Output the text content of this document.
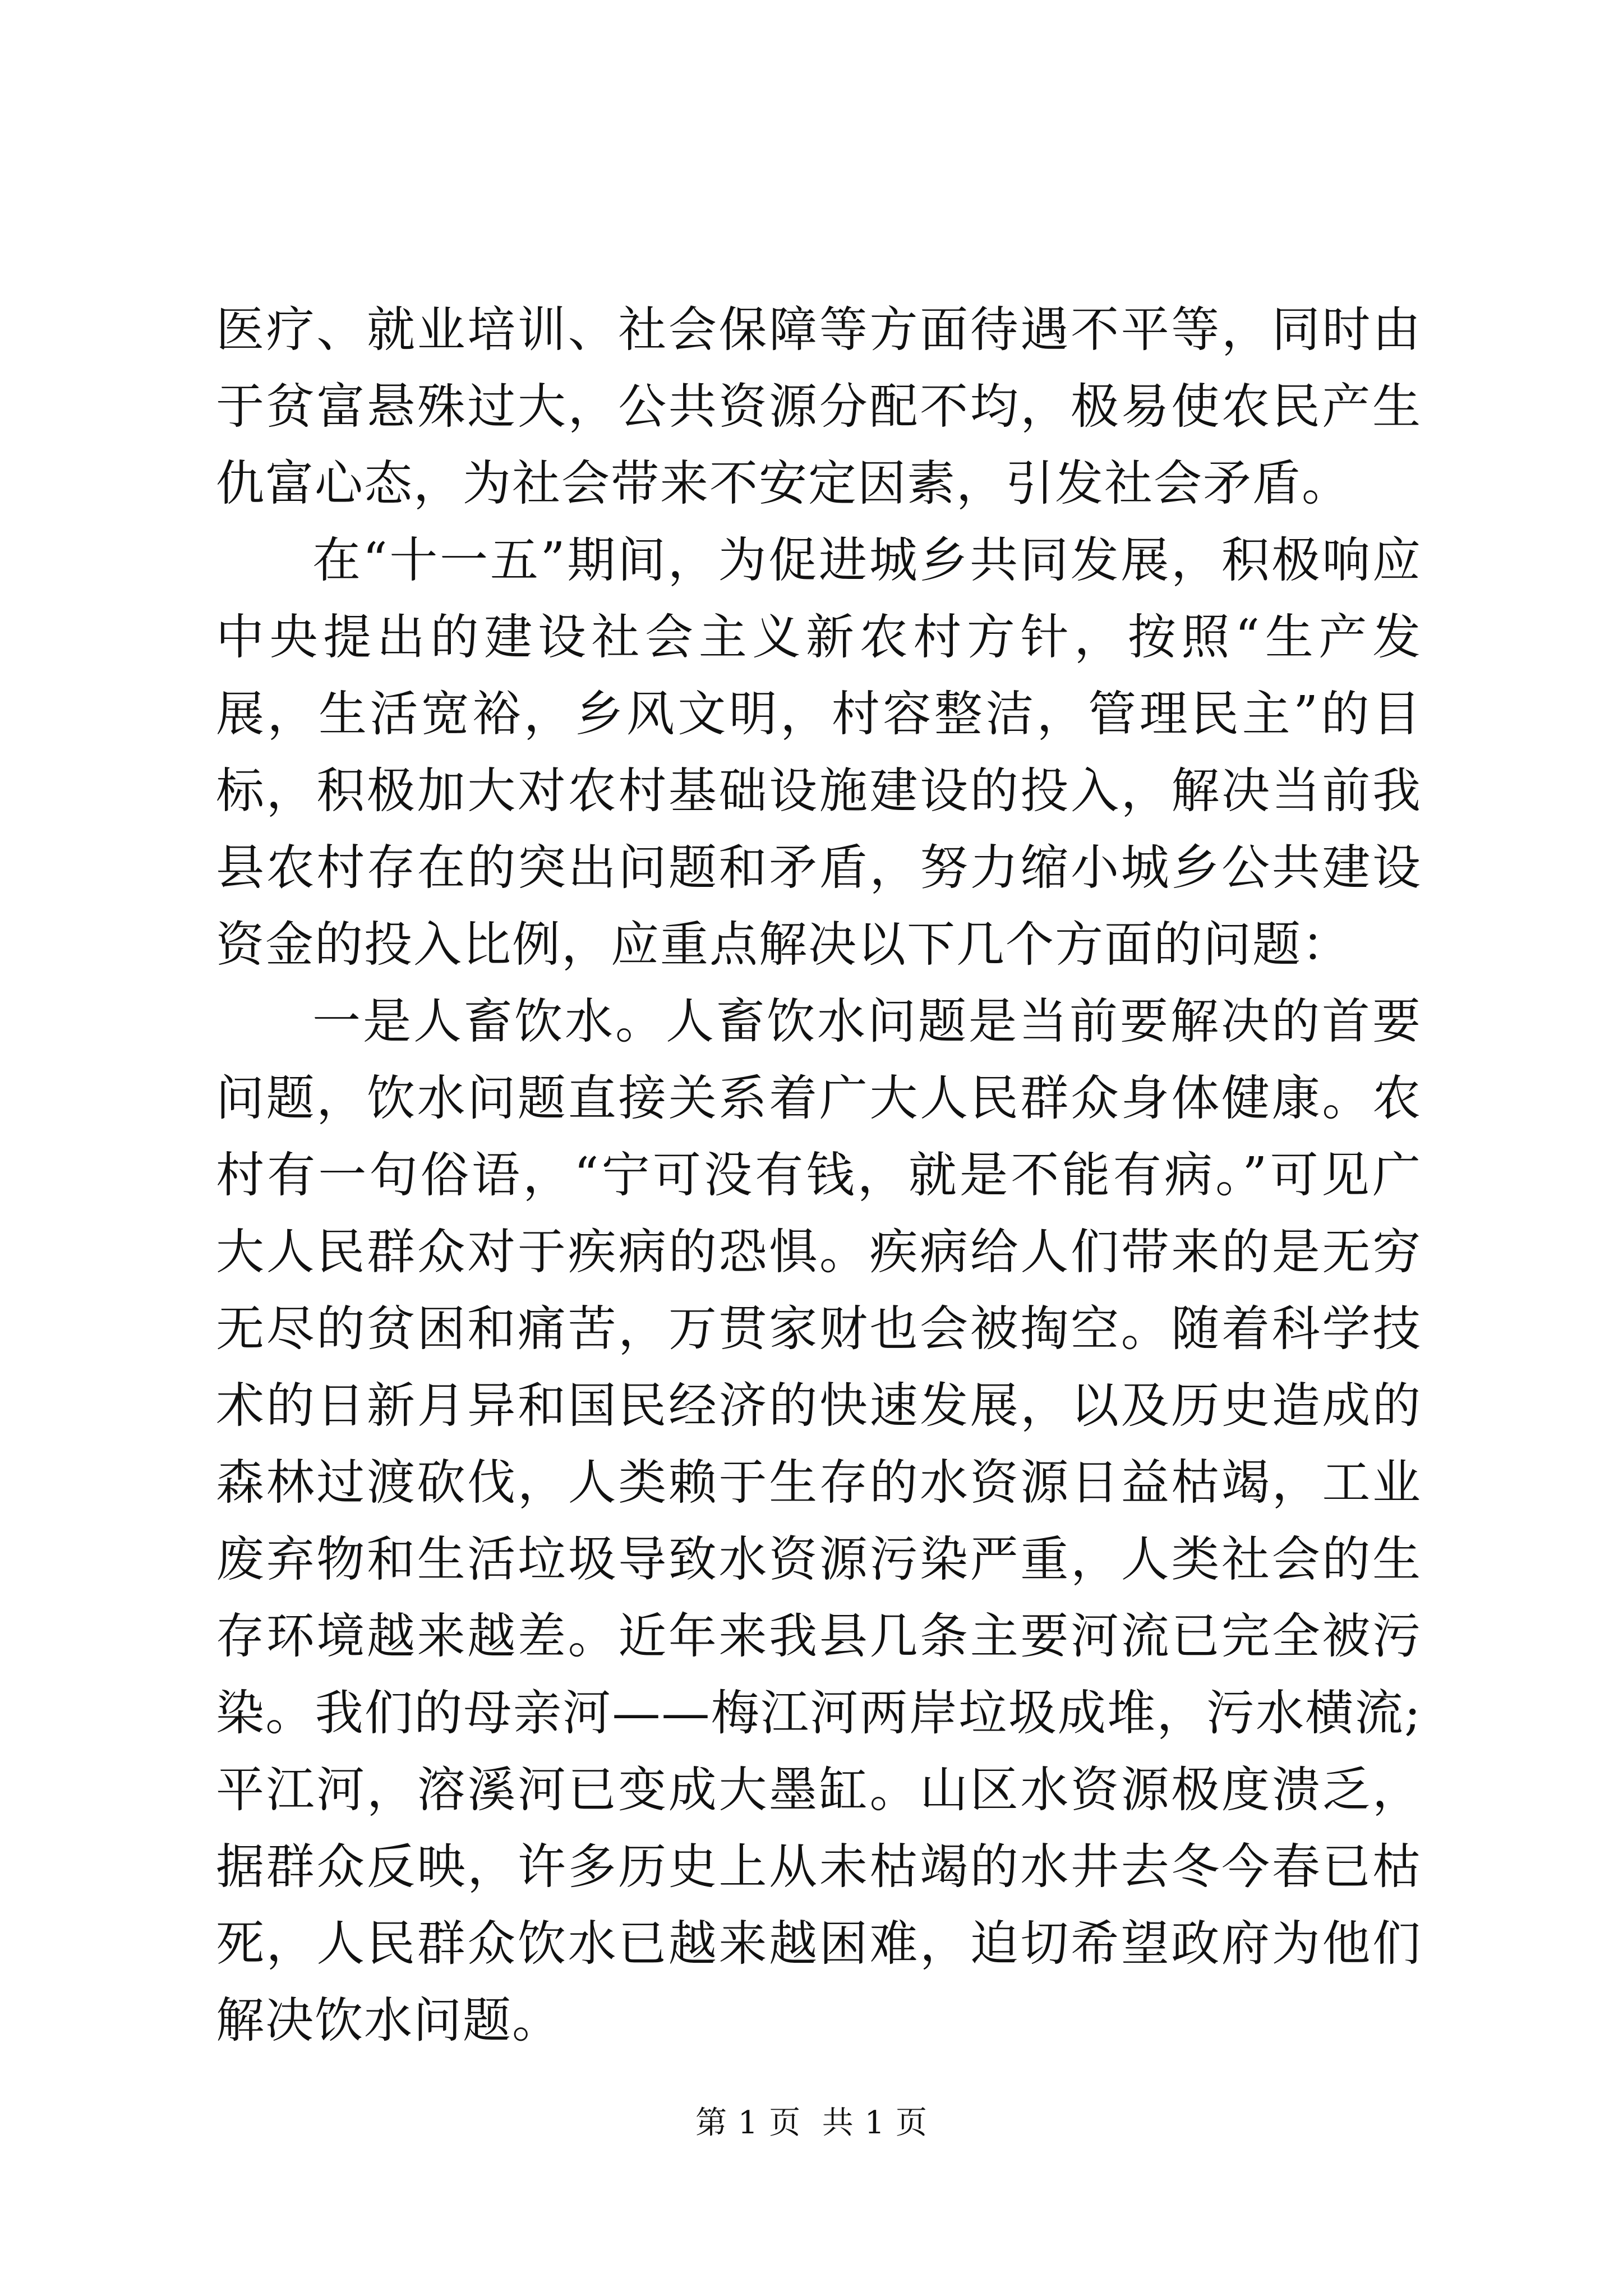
医疗、就业培训、社会保障等方面待遇不平等，同时由于贫富悬殊过大，公共资源分配不均，极易使农民产生仇富心态，为社会带来不安定因素，引发社会矛盾。

在“十一五”期间，为促进城乡共同发展，积极响应中央提出的建设社会主义新农村方针，按照“生产发展，生活宽裕，乡风文明，村容整洁，管理民主”的目标，积极加大对农村基础设施建设的投入，解决当前我县农村存在的突出问题和矛盾，努力缩小城乡公共建设资金的投入比例，应重点解决以下几个方面的问题：

一是人畜饮水。人畜饮水问题是当前要解决的首要问题，饮水问题直接关系着广大人民群众身体健康。农村有一句俗语，“宁可没有钱，就是不能有病。”可见广大人民群众对于疾病的恐惧。疾病给人们带来的是无穷无尽的贫困和痛苦，万贯家财也会被掏空。随着科学技术的日新月异和国民经济的快速发展，以及历史造成的森林过渡砍伐，人类赖于生存的水资源日益枯竭，工业废弃物和生活垃圾导致水资源污染严重，人类社会的生存环境越来越差。近年来我县几条主要河流已完全被污染。我们的母亲河——梅江河两岸垃圾成堆，污水横流;平江河，溶溪河已变成大墨缸。山区水资源极度溃乏，据群众反映，许多历史上从未枯竭的水井去冬今春已枯死，人民群众饮水已越来越困难，迫切希望政府为他们解决饮水问题。

第 1 页  共 1 页
